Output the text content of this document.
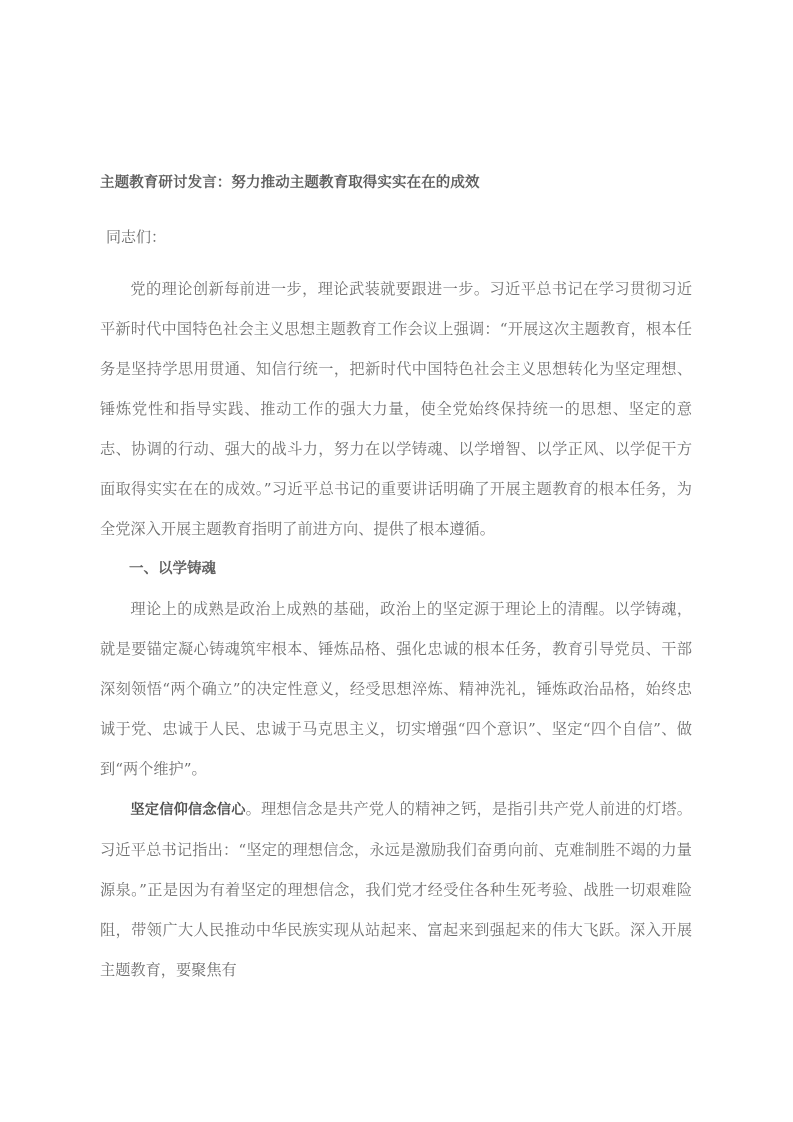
主题教育研讨发言：努力推动主题教育取得实实在在的成效

同志们：

党的理论创新每前进一步，理论武装就要跟进一步。习近平总书记在学习贯彻习近平新时代中国特色社会主义思想主题教育工作会议上强调：“开展这次主题教育，根本任务是坚持学思用贯通、知信行统一，把新时代中国特色社会主义思想转化为坚定理想、锤炼党性和指导实践、推动工作的强大力量，使全党始终保持统一的思想、坚定的意志、协调的行动、强大的战斗力，努力在以学铸魂、以学增智、以学正风、以学促干方面取得实实在在的成效。”习近平总书记的重要讲话明确了开展主题教育的根本任务，为全党深入开展主题教育指明了前进方向、提供了根本遵循。

一、以学铸魂

理论上的成熟是政治上成熟的基础，政治上的坚定源于理论上的清醒。以学铸魂，就是要锚定凝心铸魂筑牢根本、锤炼品格、强化忠诚的根本任务，教育引导党员、干部深刻领悟“两个确立”的决定性意义，经受思想淬炼、精神洗礼，锤炼政治品格，始终忠诚于党、忠诚于人民、忠诚于马克思主义，切实增强“四个意识”、坚定“四个自信”、做到“两个维护”。

坚定信仰信念信心。理想信念是共产党人的精神之钙，是指引共产党人前进的灯塔。习近平总书记指出：“坚定的理想信念，永远是激励我们奋勇向前、克难制胜不竭的力量源泉。”正是因为有着坚定的理想信念，我们党才经受住各种生死考验、战胜一切艰难险阻，带领广大人民推动中华民族实现从站起来、富起来到强起来的伟大飞跃。深入开展主题教育，要聚焦有
